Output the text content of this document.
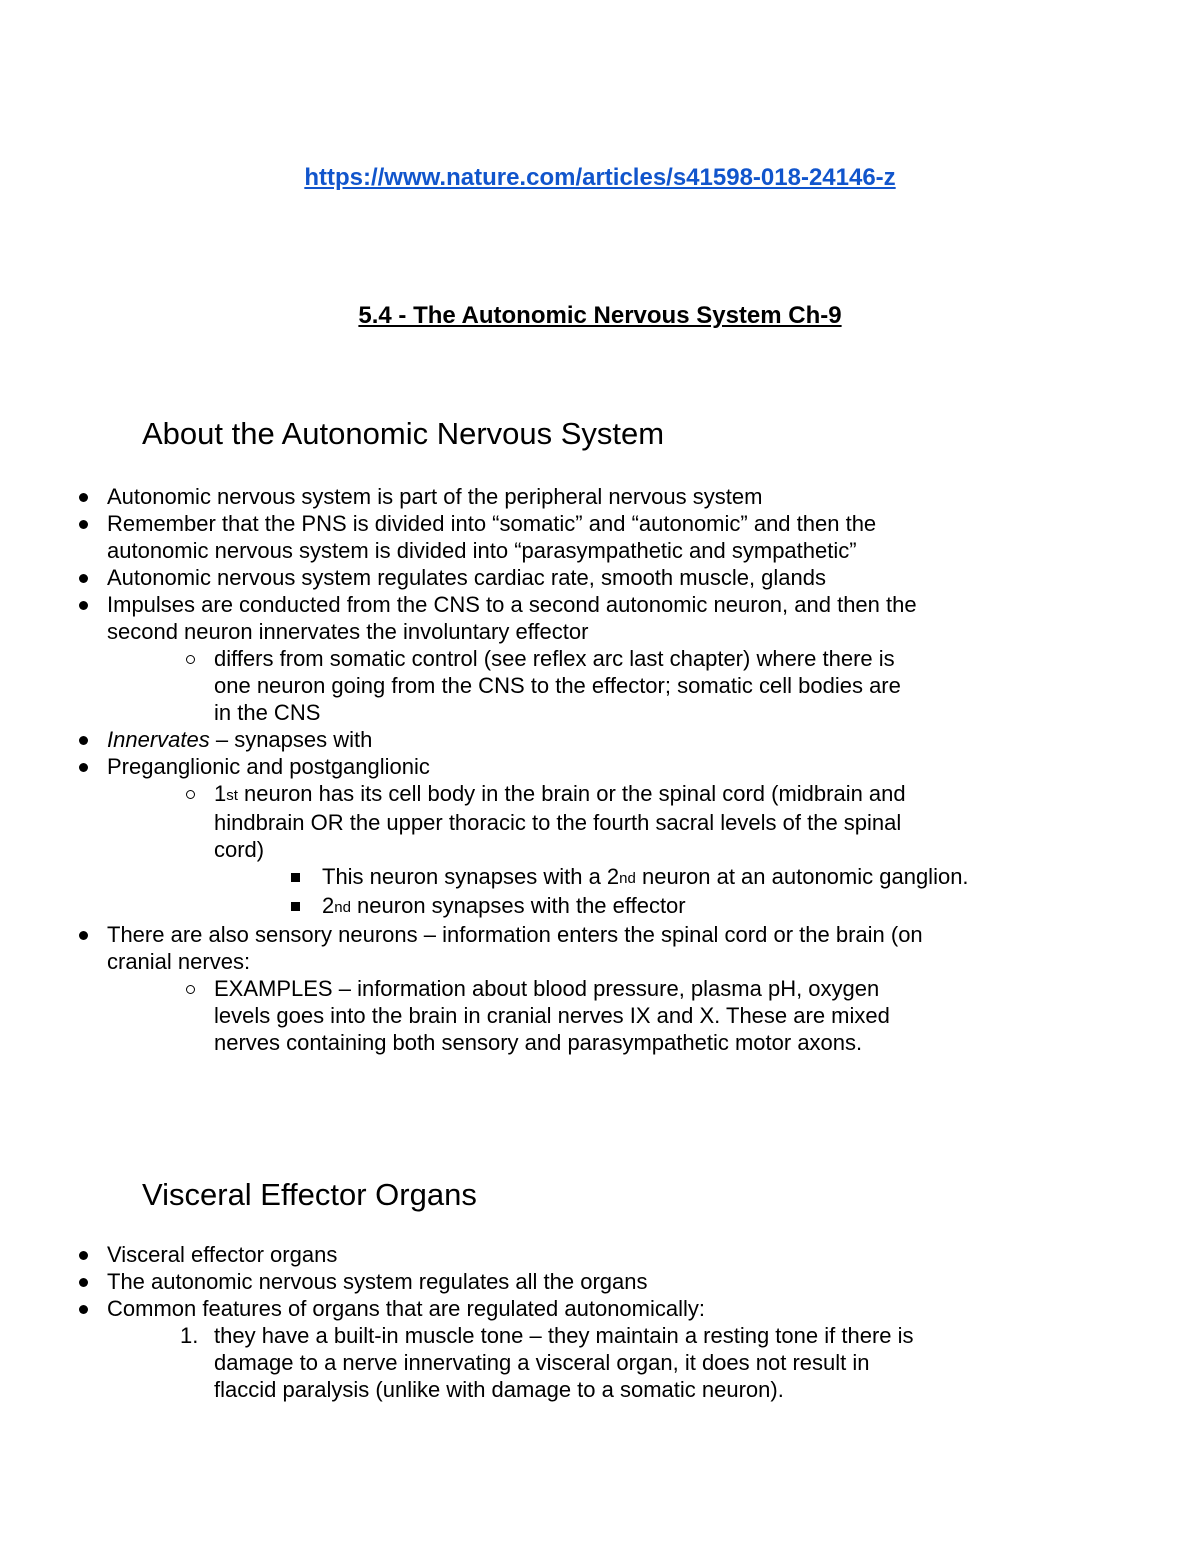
https://www.nature.com/articles/s41598-018-24146-z
5.4 - The Autonomic Nervous System Ch-9
About the Autonomic Nervous System
Autonomic nervous system is part of the peripheral nervous system
Remember that the PNS is divided into “somatic” and “autonomic” and then the autonomic nervous system is divided into “parasympathetic and sympathetic”
Autonomic nervous system regulates cardiac rate, smooth muscle, glands
Impulses are conducted from the CNS to a second autonomic neuron, and then the second neuron innervates the involuntary effector
differs from somatic control (see reflex arc last chapter) where there is one neuron going from the CNS to the effector; somatic cell bodies are in the CNS
Innervates – synapses with
Preganglionic and postganglionic
1st neuron has its cell body in the brain or the spinal cord (midbrain and hindbrain OR the upper thoracic to the fourth sacral levels of the spinal cord)
This neuron synapses with a 2nd neuron at an autonomic ganglion.
2nd neuron synapses with the effector
There are also sensory neurons – information enters the spinal cord or the brain (on cranial nerves:
EXAMPLES – information about blood pressure, plasma pH, oxygen levels goes into the brain in cranial nerves IX and X. These are mixed nerves containing both sensory and parasympathetic motor axons.
Visceral Effector Organs
Visceral effector organs
The autonomic nervous system regulates all the organs
Common features of organs that are regulated autonomically:
1. they have a built-in muscle tone – they maintain a resting tone if there is damage to a nerve innervating a visceral organ, it does not result in flaccid paralysis (unlike with damage to a somatic neuron).
